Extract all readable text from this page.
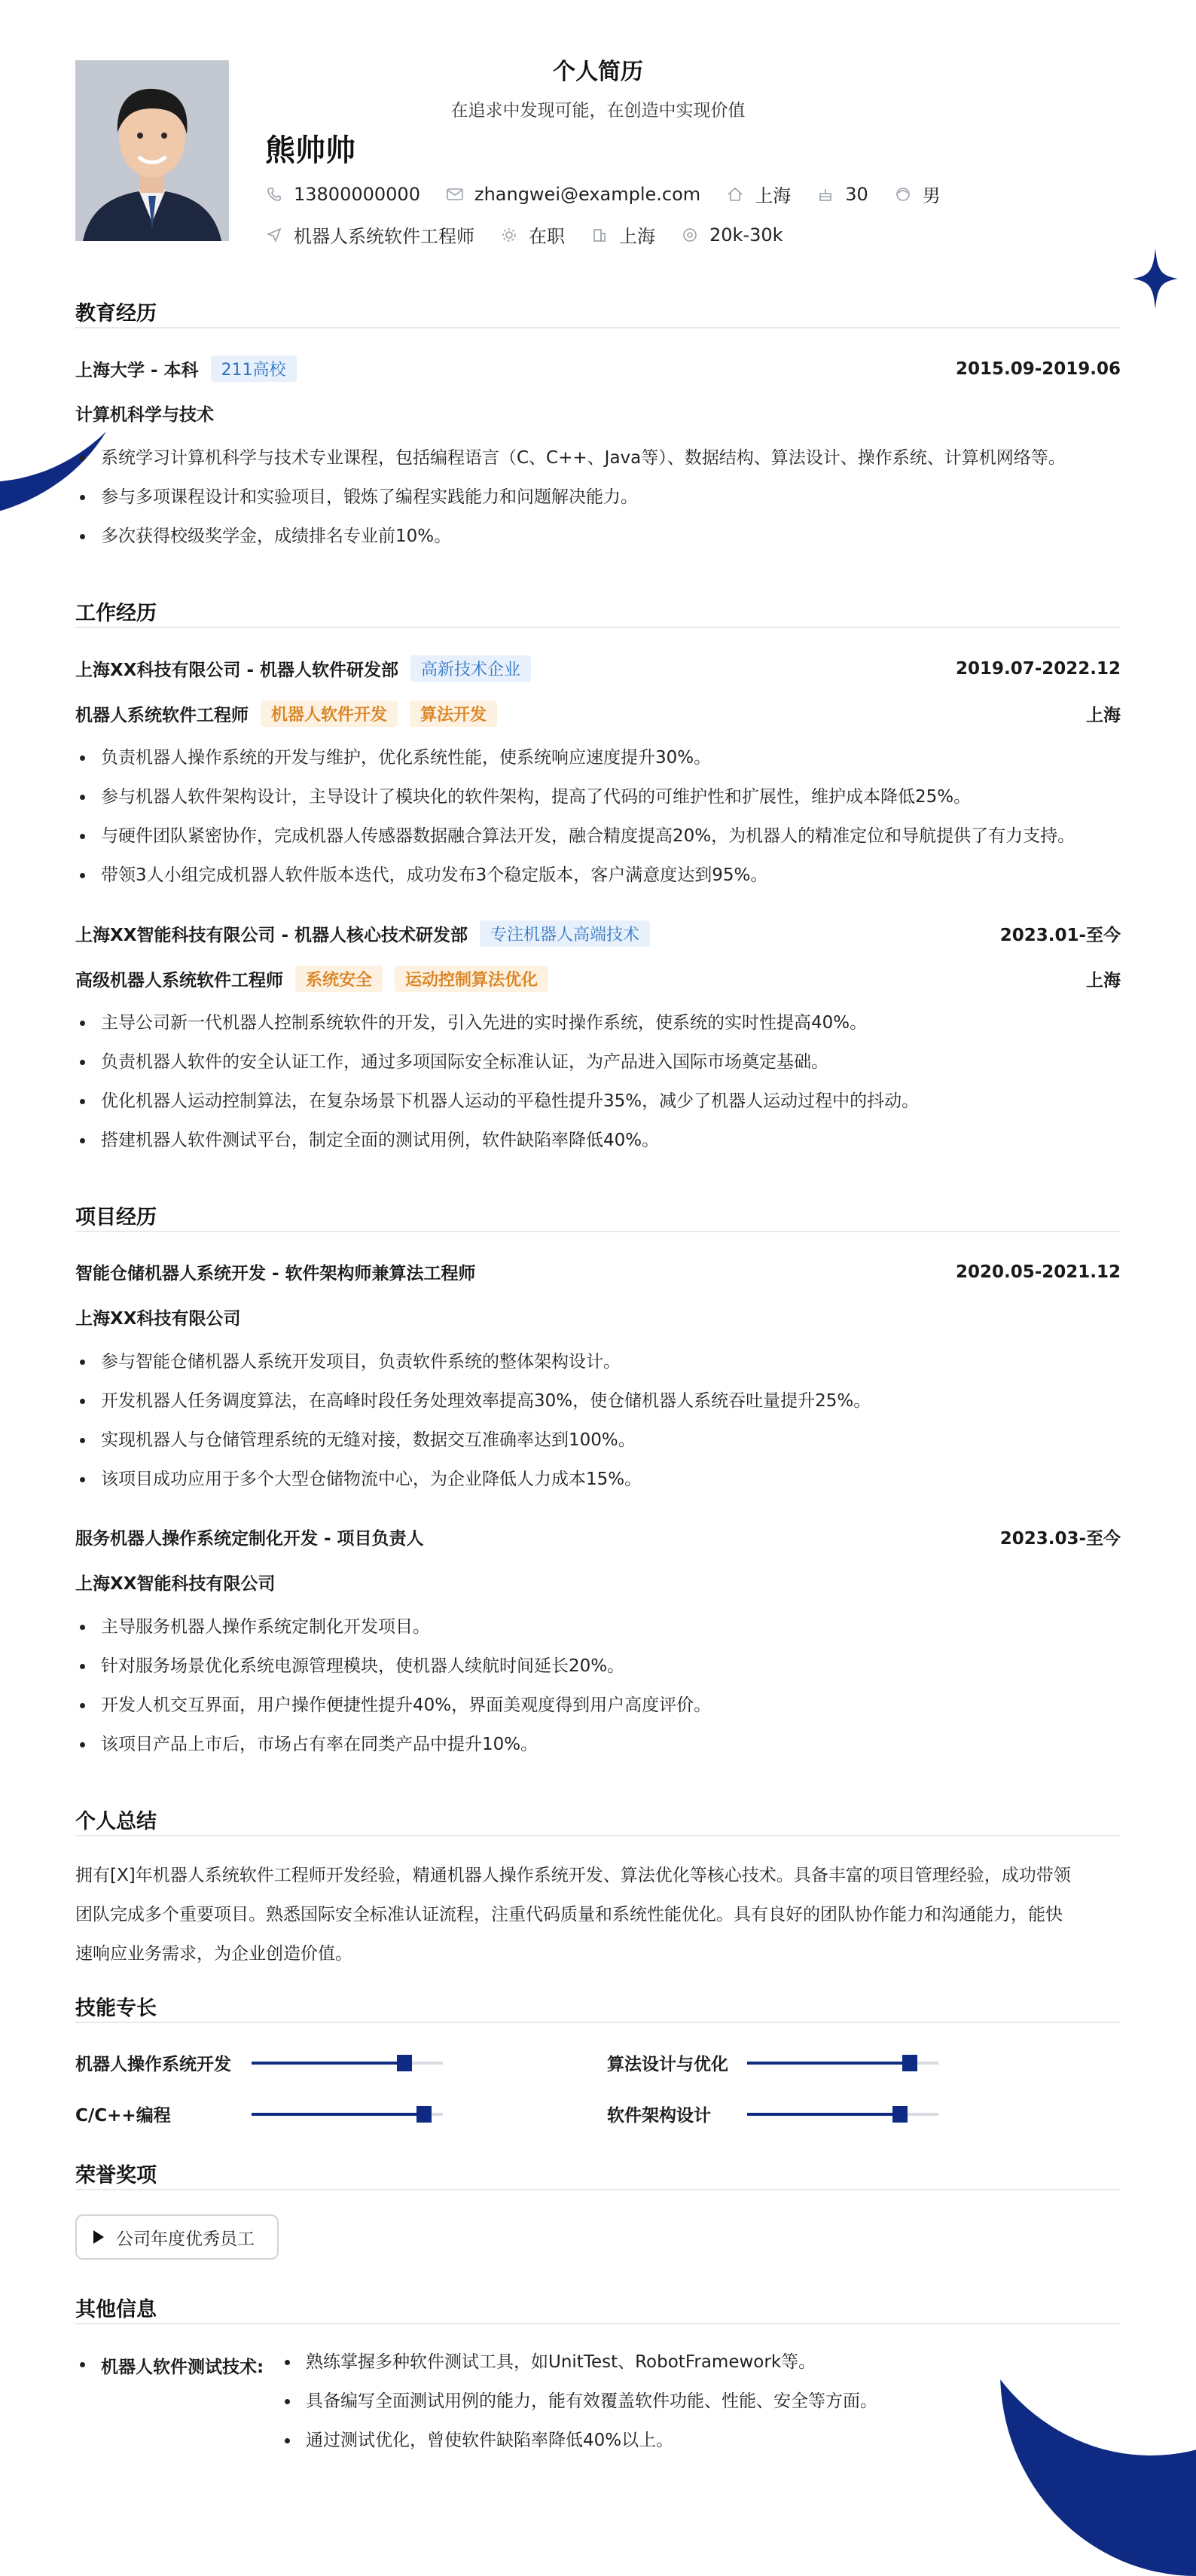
个人简历
在追求中发现可能，在创造中实现价值
熊帅帅
13800000000	zhangwei@example.com	上海	30	男
机器人系统软件工程师	在职	上海	20k-30k
教育经历
上海大学 - 本科	211高校	2015.09-2019.06
计算机科学与技术
系统学习计算机科学与技术专业课程，包括编程语言（C、C++、Java等）、数据结构、算法设计、操作系统、计算机网络等。
参与多项课程设计和实验项目，锻炼了编程实践能力和问题解决能力。
多次获得校级奖学金，成绩排名专业前10%。
工作经历
上海XX科技有限公司 - 机器人软件研发部	高新技术企业	2019.07-2022.12
机器人系统软件工程师	机器人软件开发	算法开发	上海
负责机器人操作系统的开发与维护，优化系统性能，使系统响应速度提升30%。
参与机器人软件架构设计，主导设计了模块化的软件架构，提高了代码的可维护性和扩展性，维护成本降低25%。
与硬件团队紧密协作，完成机器人传感器数据融合算法开发，融合精度提高20%，为机器人的精准定位和导航提供了有力支持。
带领3人小组完成机器人软件版本迭代，成功发布3个稳定版本，客户满意度达到95%。
上海XX智能科技有限公司 - 机器人核心技术研发部	专注机器人高端技术	2023.01-至今
高级机器人系统软件工程师	系统安全	运动控制算法优化	上海
主导公司新一代机器人控制系统软件的开发，引入先进的实时操作系统，使系统的实时性提高40%。
负责机器人软件的安全认证工作，通过多项国际安全标准认证，为产品进入国际市场奠定基础。
优化机器人运动控制算法，在复杂场景下机器人运动的平稳性提升35%，减少了机器人运动过程中的抖动。
搭建机器人软件测试平台，制定全面的测试用例，软件缺陷率降低40%。
项目经历
智能仓储机器人系统开发 - 软件架构师兼算法工程师	2020.05-2021.12
上海XX科技有限公司
参与智能仓储机器人系统开发项目，负责软件系统的整体架构设计。
开发机器人任务调度算法，在高峰时段任务处理效率提高30%，使仓储机器人系统吞吐量提升25%。
实现机器人与仓储管理系统的无缝对接，数据交互准确率达到100%。
该项目成功应用于多个大型仓储物流中心，为企业降低人力成本15%。
服务机器人操作系统定制化开发 - 项目负责人	2023.03-至今
上海XX智能科技有限公司
主导服务机器人操作系统定制化开发项目。
针对服务场景优化系统电源管理模块，使机器人续航时间延长20%。
开发人机交互界面，用户操作便捷性提升40%，界面美观度得到用户高度评价。
该项目产品上市后，市场占有率在同类产品中提升10%。
个人总结
拥有[X]年机器人系统软件工程师开发经验，精通机器人操作系统开发、算法优化等核心技术。具备丰富的项目管理经验，成功带领
团队完成多个重要项目。熟悉国际安全标准认证流程，注重代码质量和系统性能优化。具有良好的团队协作能力和沟通能力，能快
速响应业务需求，为企业创造价值。
技能专长
机器人操作系统开发	算法设计与优化
C/C++编程	软件架构设计
荣誉奖项
公司年度优秀员工
其他信息
机器人软件测试技术:	熟练掌握多种软件测试工具，如UnitTest、RobotFramework等。
具备编写全面测试用例的能力，能有效覆盖软件功能、性能、安全等方面。
通过测试优化，曾使软件缺陷率降低40%以上。
